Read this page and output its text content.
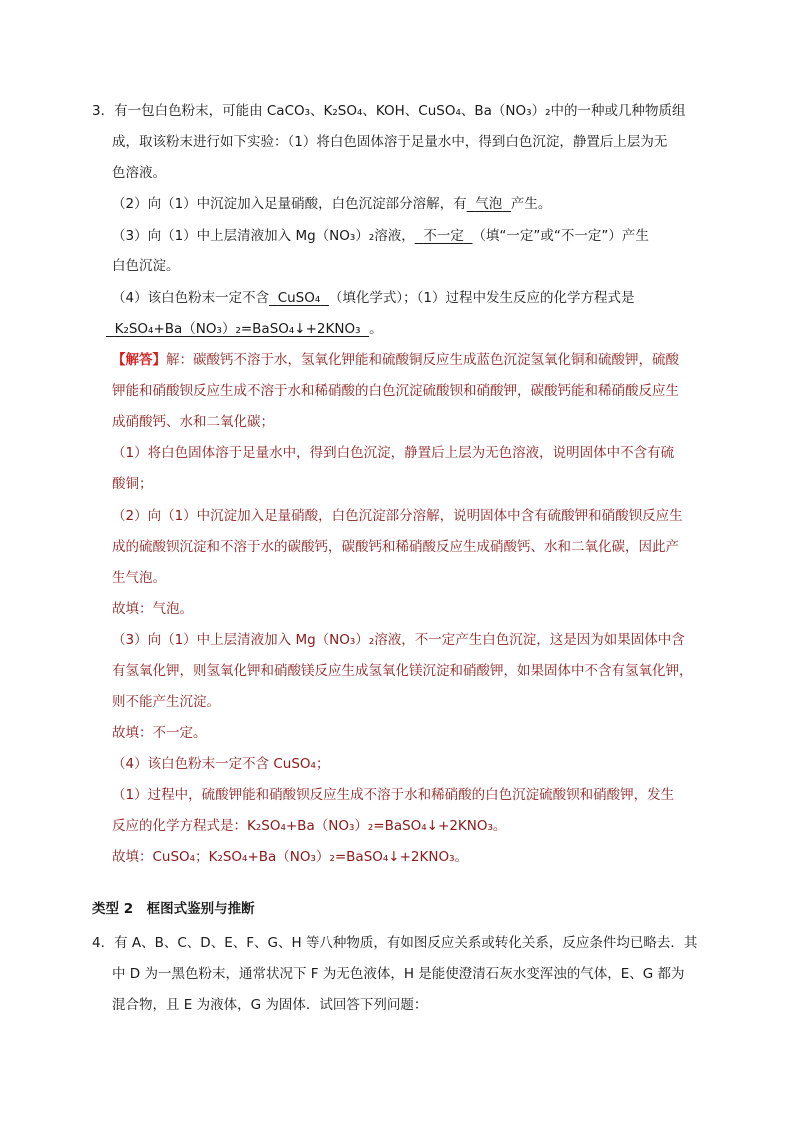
3．有一包白色粉末，可能由 CaCO₃、K₂SO₄、KOH、CuSO₄、Ba（NO₃）₂中的一种或几种物质组
成，取该粉末进行如下实验：（1）将白色固体溶于足量水中，得到白色沉淀，静置后上层为无
色溶液。
（2）向（1）中沉淀加入足量硝酸，白色沉淀部分溶解，有 气泡 产生。
（3）向（1）中上层清液加入 Mg（NO₃）₂溶液， 不一定 （填“一定”或“不一定”）产生
白色沉淀。
（4）该白色粉末一定不含 CuSO₄ （填化学式）；（1）过程中发生反应的化学方程式是
K₂SO₄+Ba（NO₃）₂=BaSO₄↓+2KNO₃ 。
【解答】解：碳酸钙不溶于水，氢氧化钾能和硫酸铜反应生成蓝色沉淀氢氧化铜和硫酸钾，硫酸
钾能和硝酸钡反应生成不溶于水和稀硝酸的白色沉淀硫酸钡和硝酸钾，碳酸钙能和稀硝酸反应生
成硝酸钙、水和二氧化碳；
（1）将白色固体溶于足量水中，得到白色沉淀，静置后上层为无色溶液，说明固体中不含有硫
酸铜；
（2）向（1）中沉淀加入足量硝酸，白色沉淀部分溶解，说明固体中含有硫酸钾和硝酸钡反应生
成的硫酸钡沉淀和不溶于水的碳酸钙，碳酸钙和稀硝酸反应生成硝酸钙、水和二氧化碳，因此产
生气泡。
故填：气泡。
（3）向（1）中上层清液加入 Mg（NO₃）₂溶液，不一定产生白色沉淀，这是因为如果固体中含
有氢氧化钾，则氢氧化钾和硝酸镁反应生成氢氧化镁沉淀和硝酸钾，如果固体中不含有氢氧化钾，
则不能产生沉淀。
故填：不一定。
（4）该白色粉末一定不含 CuSO₄；
（1）过程中，硫酸钾能和硝酸钡反应生成不溶于水和稀硝酸的白色沉淀硫酸钡和硝酸钾，发生
反应的化学方程式是：K₂SO₄+Ba（NO₃）₂=BaSO₄↓+2KNO₃。
故填：CuSO₄；K₂SO₄+Ba（NO₃）₂=BaSO₄↓+2KNO₃。
类型 2　框图式鉴别与推断
4．有 A、B、C、D、E、F、G、H 等八种物质，有如图反应关系或转化关系，反应条件均已略去．其
中 D 为一黑色粉末，通常状况下 F 为无色液体，H 是能使澄清石灰水变浑浊的气体，E、G 都为
混合物，且 E 为液体，G 为固体．试回答下列问题：
